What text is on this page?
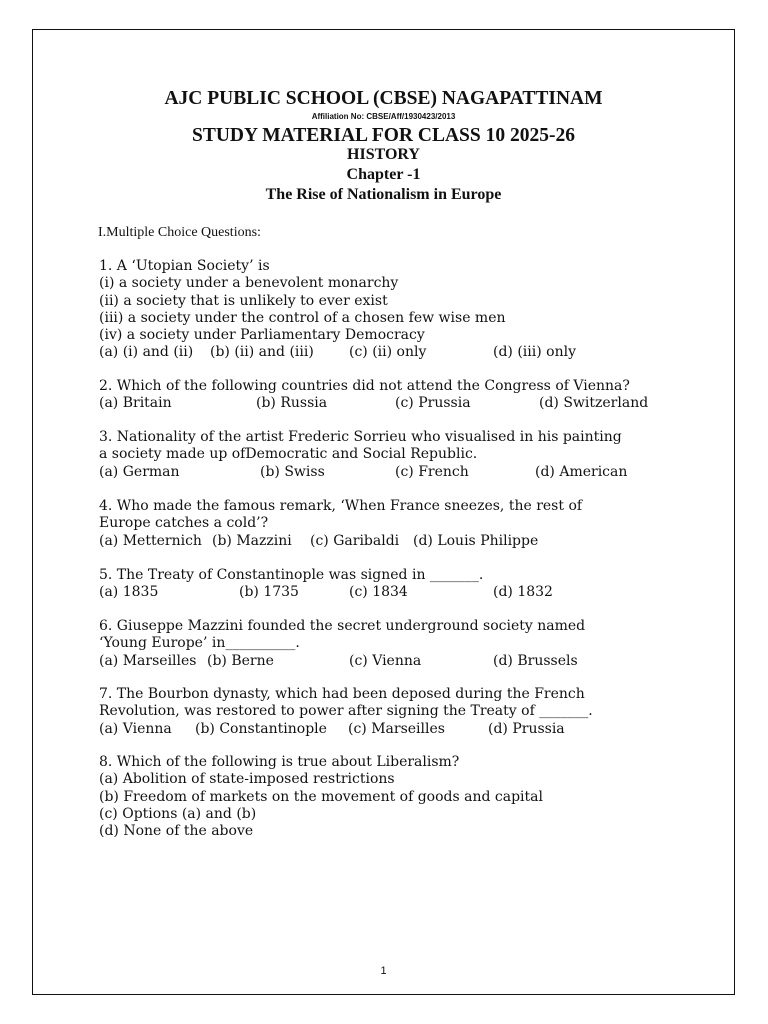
AJC PUBLIC SCHOOL (CBSE) NAGAPATTINAM
Affiliation No: CBSE/Aff/1930423/2013
STUDY MATERIAL FOR CLASS 10 2025-26
HISTORY
Chapter -1
The Rise of Nationalism in Europe
I.Multiple Choice Questions:

1. A ‘Utopian Society’ is

(i) a society under a benevolent monarchy

(ii) a society that is unlikely to ever exist

(iii) a society under the control of a chosen few wise men

(iv) a society under Parliamentary Democracy

(a) (i) and (ii)	(b) (ii) and (iii)	(c) (ii) only	(d) (iii) only

2. Which of the following countries did not attend the Congress of Vienna?

(a) Britain	(b) Russia	(c) Prussia	(d) Switzerland

3. Nationality of the artist Frederic Sorrieu who visualised in his painting

a society made up ofDemocratic and Social Republic.

(a) German	(b) Swiss	(c) French	(d) American

4. Who made the famous remark, ‘When France sneezes, the rest of

Europe catches a cold’?

(a) Metternich (b) Mazzini	(c) Garibaldi (d) Louis Philippe

5. The Treaty of Constantinople was signed in _______.

(a) 1835	(b) 1735	(c) 1834	(d) 1832

6. Giuseppe Mazzini founded the secret underground society named

‘Young Europe’ in__________.

(a) Marseilles (b) Berne	(c) Vienna	(d) Brussels

7. The Bourbon dynasty, which had been deposed during the French

Revolution, was restored to power after signing the Treaty of _______.

(a) Vienna	(b) Constantinople	(c) Marseilles	(d) Prussia

8. Which of the following is true about Liberalism?

(a) Abolition of state-imposed restrictions

(b) Freedom of markets on the movement of goods and capital

(c) Options (a) and (b)

(d) None of the above

1
